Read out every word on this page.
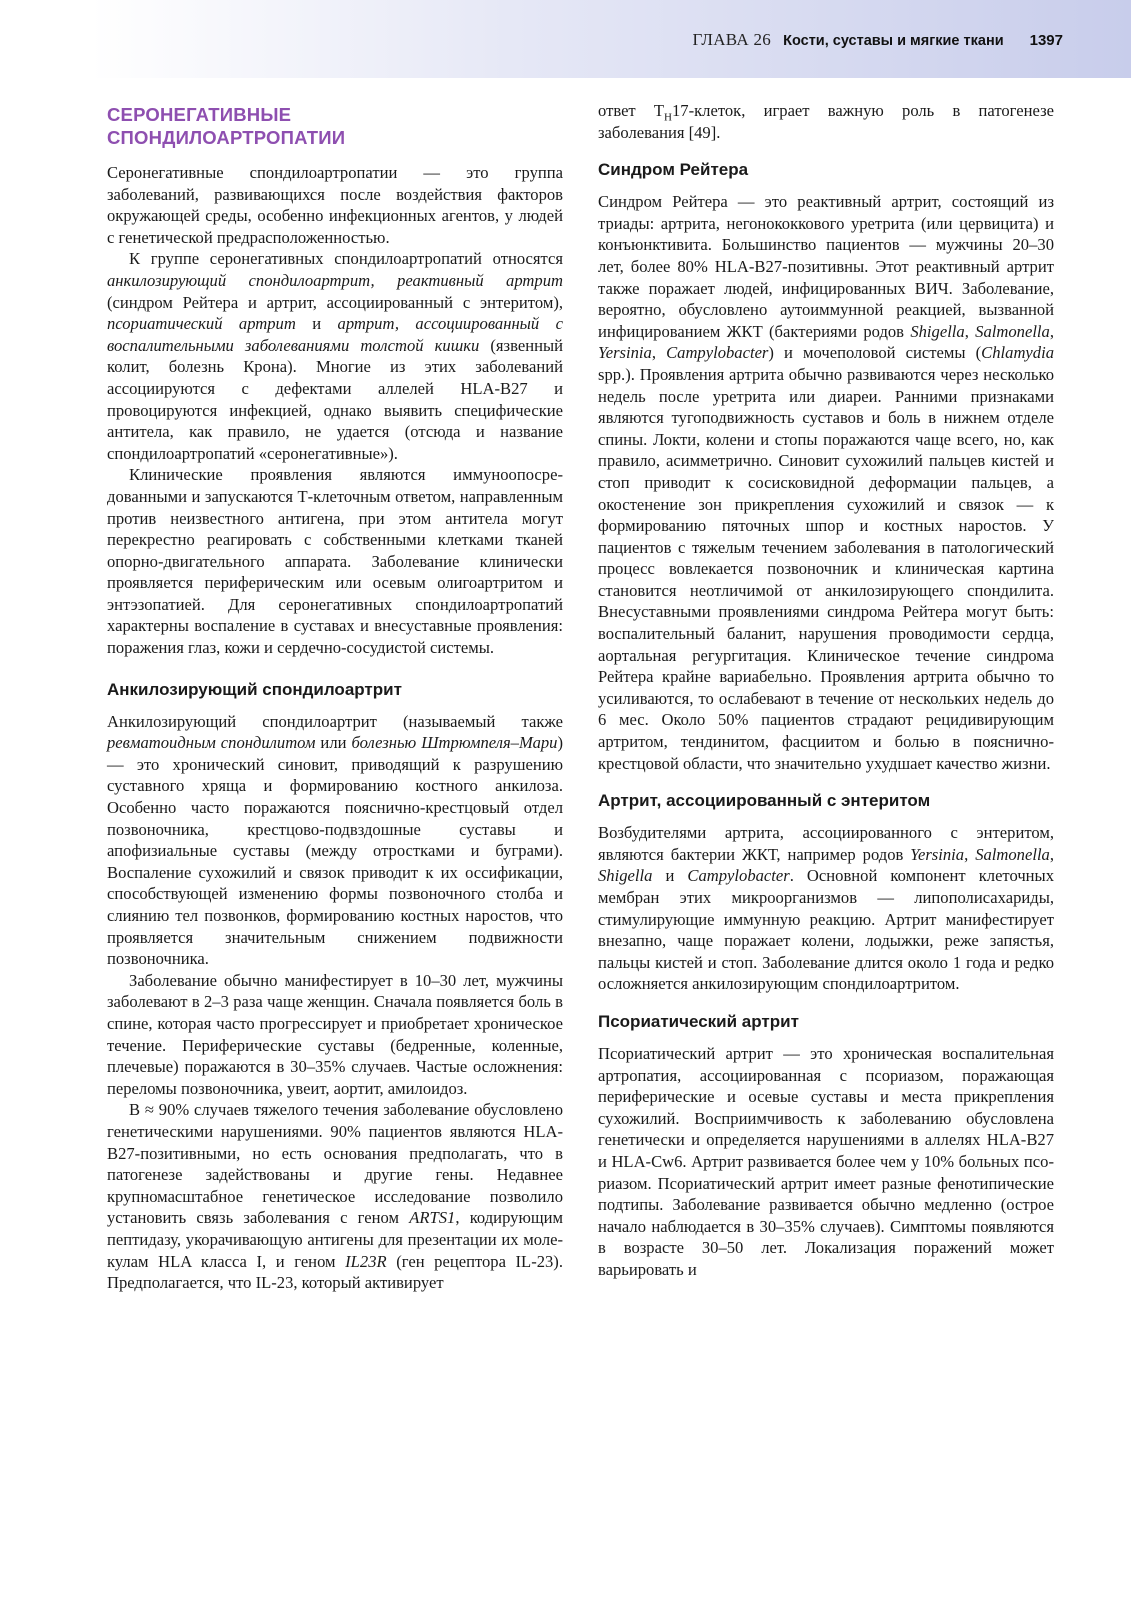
ГЛАВА 26 Кости, суставы и мягкие ткани 1397
СЕРОНЕГАТИВНЫЕ
СПОНДИЛОАРТРОПАТИИ

Серонегативные спондилоартропатии — это группа заболеваний, развивающихся после воздействия факторов окружающей среды, особенно инфекционных агентов, у людей с генетической предрасположенностью.

К группе серонегативных спондилоартропатий относятся анкилозирующий спондилоартрит, реактивный артрит (синдром Рейтера и артрит, ассоциированный с энтеритом), псориатический артрит и артрит, ассоциированный с воспалительными заболеваниями толстой кишки (язвенный колит, болезнь Крона). Многие из этих заболеваний ассоциируются с дефектами аллелей HLA-B27 и провоцируются инфекцией, однако выявить специфические антитела, как правило, не удается (отсюда и название спондилоартропатий «серонегативные»).

Клинические проявления являются иммуноопосредованными и запускаются Т-клеточным ответом, направленным против неизвестного антигена, при этом антитела могут перекрестно реагировать с собственными клетками тканей опорно-двигательного аппарата. Заболевание клинически проявляется периферическим или осевым олигоартритом и энтэзопатией. Для серонегативных спондилоартропатий характерны воспаление в суставах и внесуставные проявления: поражения глаз, кожи и сердечно-сосудистой системы.

Анкилозирующий спондилоартрит

Анкилозирующий спондилоартрит (называемый также ревматоидным спондилитом или болезнью Штрюмпеля–Мари) — это хронический синовит, приводящий к разрушению суставного хряща и формированию костного анкилоза. Особенно часто поражаются пояснично-крестцовый отдел позвоночника, крестцово-подвздошные суставы и апофизиальные суставы (между отростками и буграми). Воспаление сухожилий и связок приводит к их оссификации, способствующей изменению формы позвоночного столба и слиянию тел позвонков, формированию костных наростов, что проявляется значительным снижением подвижности позвоночника.

Заболевание обычно манифестирует в 10–30 лет, мужчины заболевают в 2–3 раза чаще женщин. Сначала появляется боль в спине, которая часто прогрессирует и приобретает хроническое течение. Периферические суставы (бедренные, коленные, плечевые) поражаются в 30–35% случаев. Частые осложнения: переломы позвоночника, увеит, аортит, амилоидоз.

В ≈ 90% случаев тяжелого течения заболевание обусловлено генетическими нарушениями. 90% пациентов являются HLA-B27-позитивными, но есть основания предполагать, что в патогенезе задействованы и другие гены. Недавнее крупномасштабное генетическое исследование позволило установить связь заболевания с геном ARTS1, кодирующим пептидазу, укорачивающую антигены для презентации их молекулам HLA класса I, и геном IL23R (ген рецептора IL-23). Предполагается, что IL-23, который активирует

ответ $T_H17$-клеток, играет важную роль в патогенезе заболевания [49].

Синдром Рейтера

Синдром Рейтера — это реактивный артрит, состоящий из триады: артрита, негонококкового уретрита (или цервицита) и конъюнктивита. Большинство пациентов — мужчины 20–30 лет, более 80% HLA-B27-позитивны. Этот реактивный артрит также поражает людей, инфицированных ВИЧ. Заболевание, вероятно, обусловлено аутоиммунной реакцией, вызванной инфицированием ЖКТ (бактериями родов Shigella, Salmonella, Yersinia, Campylobacter) и мочеполовой системы (Chlamydia spp.). Проявления артрита обычно развиваются через несколько недель после уретрита или диареи. Ранними признаками являются тугоподвижность суставов и боль в нижнем отделе спины. Локти, колени и стопы поражаются чаще всего, но, как правило, асимметрично. Синовит сухожилий пальцев кистей и стоп приводит к сосисковидной деформации пальцев, а окостенение зон прикрепления сухожилий и связок — к формированию пяточных шпор и костных наростов. У пациентов с тяжелым течением заболевания в патологический процесс вовлекается позвоночник и клиническая картина становится неотличимой от анкилозирующего спондилита. Внесуставными проявлениями синдрома Рейтера могут быть: воспалительный баланит, нарушения проводимости сердца, аортальная регургитация. Клиническое течение синдрома Рейтера крайне вариабельно. Проявления артрита обычно то усиливаются, то ослабевают в течение от нескольких недель до 6 мес. Около 50% пациентов страдают рецидивирующим артритом, тендинитом, фасциитом и болью в пояснично-крестцовой области, что значительно ухудшает качество жизни.

Артрит, ассоциированный с энтеритом

Возбудителями артрита, ассоциированного с энтеритом, являются бактерии ЖКТ, например родов Yersinia, Salmonella, Shigella и Campylobacter. Основной компонент клеточных мембран этих микроорганизмов — липополисахариды, стимулирующие иммунную реакцию. Артрит манифестирует внезапно, чаще поражает колени, лодыжки, реже запястья, пальцы кистей и стоп. Заболевание длится около 1 года и редко осложняется анкилозирующим спондилоартритом.

Псориатический артрит

Псориатический артрит — это хроническая воспалительная артропатия, ассоциированная с псориазом, поражающая периферические и осевые суставы и места прикрепления сухожилий. Восприимчивость к заболеванию обусловлена генетически и определяется нарушениями в аллелях HLA-B27 и HLA-Cw6. Артрит развивается более чем у 10% больных псориазом. Псориатический артрит имеет разные фенотипические подтипы. Заболевание развивается обычно медленно (острое начало наблюдается в 30–35% случаев). Симптомы появляются в возрасте 30–50 лет. Локализация поражений может варьировать и
